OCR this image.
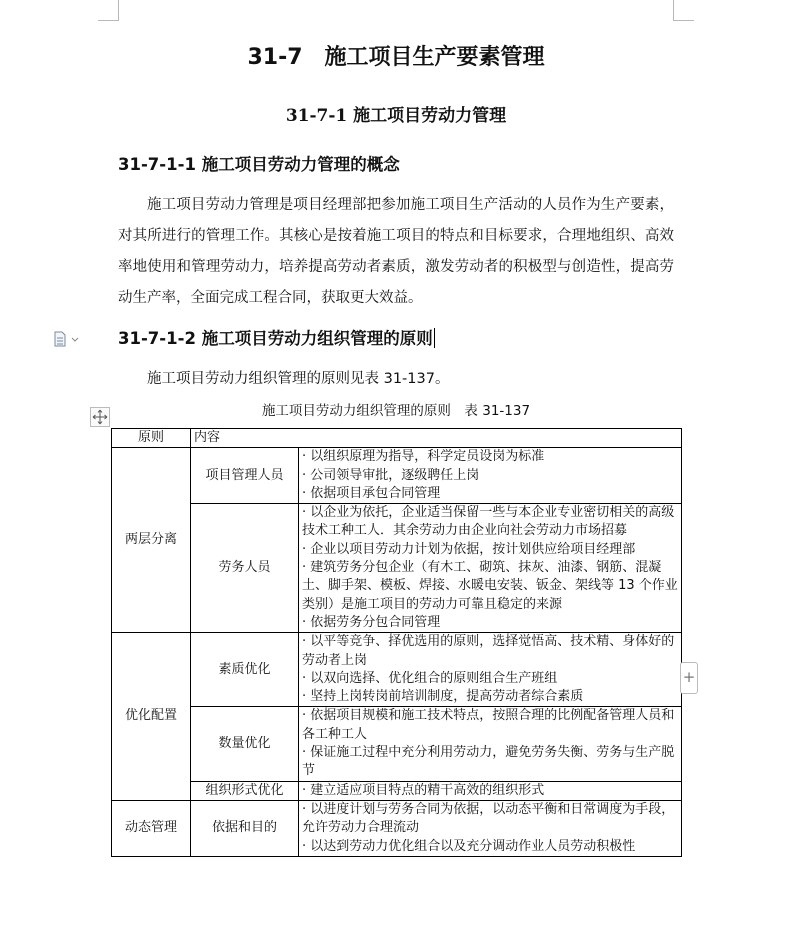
31-7　施工项目生产要素管理
31-7-1 施工项目劳动力管理
31-7-1-1 施工项目劳动力管理的概念
施工项目劳动力管理是项目经理部把参加施工项目生产活动的人员作为生产要素，对其所进行的管理工作。其核心是按着施工项目的特点和目标要求，合理地组织、高效率地使用和管理劳动力，培养提高劳动者素质，激发劳动者的积极型与创造性，提高劳动生产率，全面完成工程合同，获取更大效益。
31-7-1-2 施工项目劳动力组织管理的原则
施工项目劳动力组织管理的原则见表 31-137。
施工项目劳动力组织管理的原则　表 31-137
原则	内容	
两层分离	项目管理人员	· 以组织原理为指导，科学定员设岗为标准
· 公司领导审批，逐级聘任上岗
· 依据项目承包合同管理

	劳务人员	· 以企业为依托，企业适当保留一些与本企业专业密切相关的高级技术工种工人．其余劳动力由企业向社会劳动力市场招募
· 企业以项目劳动力计划为依据，按计划供应给项目经理部
· 建筑劳务分包企业（有木工、砌筑、抹灰、油漆、钢筋、混凝土、脚手架、模板、焊接、水暖电安装、钣金、架线等 13 个作业类别）是施工项目的劳动力可靠且稳定的来源
· 依据劳务分包合同管理

优化配置	素质优化	· 以平等竞争、择优选用的原则，选择觉悟高、技术精、身体好的劳动者上岗
· 以双向选择、优化组合的原则组合生产班组
· 坚持上岗转岗前培训制度，提高劳动者综合素质

	数量优化	· 依据项目规模和施工技术特点，按照合理的比例配备管理人员和各工种工人
· 保证施工过程中充分利用劳动力，避免劳务失衡、劳务与生产脱节

	组织形式优化	· 建立适应项目特点的精干高效的组织形式

动态管理	依据和目的	· 以进度计划与劳务合同为依据，以动态平衡和日常调度为手段，允许劳动力合理流动
· 以达到劳动力优化组合以及充分调动作业人员劳动积极性
+
